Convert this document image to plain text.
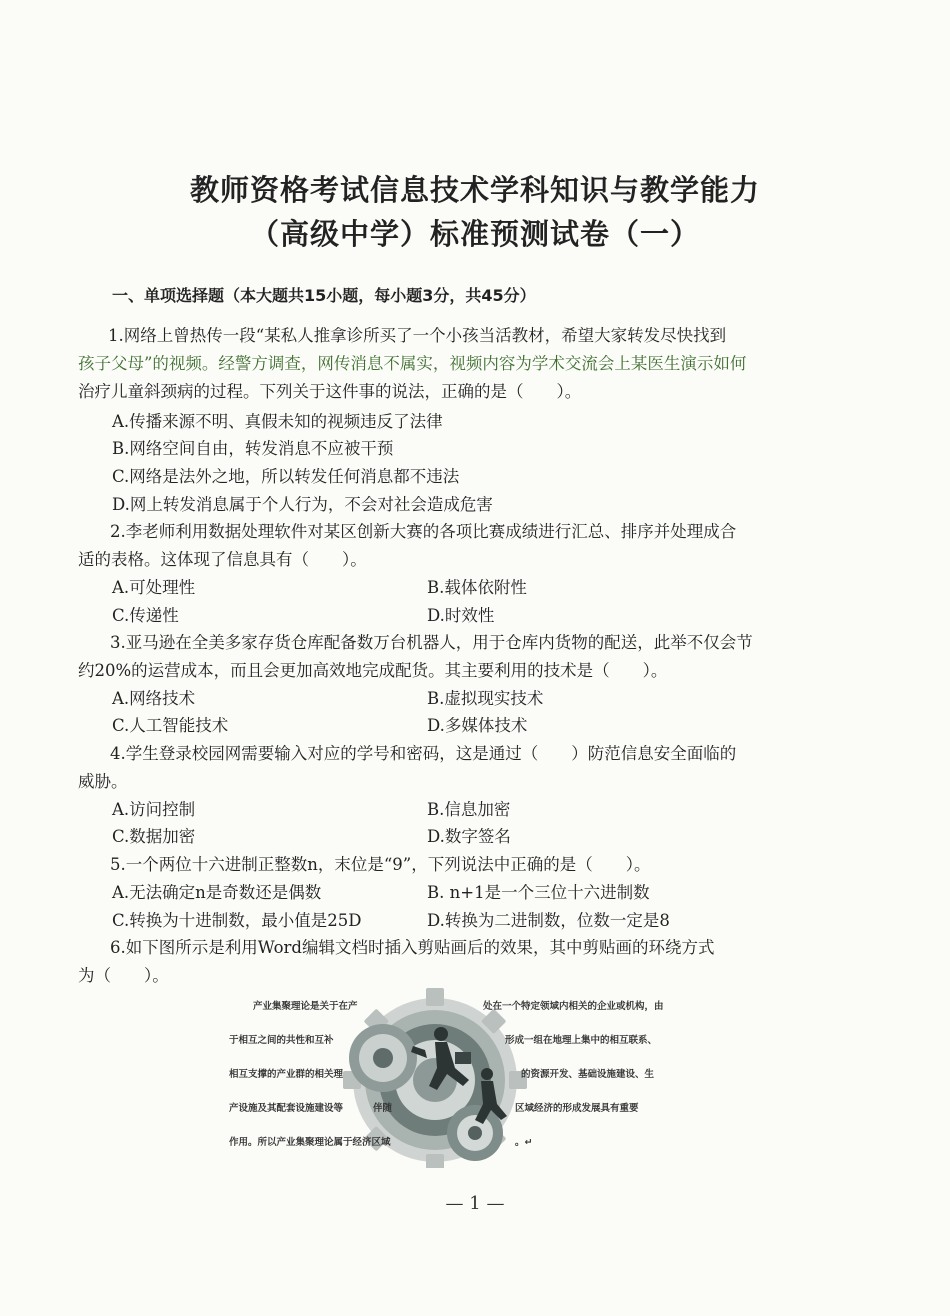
教师资格考试信息技术学科知识与教学能力
（高级中学）标准预测试卷（一）
一、单项选择题（本大题共15小题，每小题3分，共45分）
1.网络上曾热传一段“某私人推拿诊所买了一个小孩当活教材，希望大家转发尽快找到
孩子父母”的视频。经警方调查，网传消息不属实，视频内容为学术交流会上某医生演示如何
治疗儿童斜颈病的过程。下列关于这件事的说法，正确的是（　　）。
A.传播来源不明、真假未知的视频违反了法律
B.网络空间自由，转发消息不应被干预
C.网络是法外之地，所以转发任何消息都不违法
D.网上转发消息属于个人行为，不会对社会造成危害
2.李老师利用数据处理软件对某区创新大赛的各项比赛成绩进行汇总、排序并处理成合
适的表格。这体现了信息具有（　　）。
A.可处理性	B.载体依附性
C.传递性	D.时效性
3.亚马逊在全美多家存货仓库配备数万台机器人，用于仓库内货物的配送，此举不仅会节
约20%的运营成本，而且会更加高效地完成配货。其主要利用的技术是（　　）。
A.网络技术	B.虚拟现实技术
C.人工智能技术	D.多媒体技术
4.学生登录校园网需要输入对应的学号和密码，这是通过（　　）防范信息安全面临的
威胁。
A.访问控制	B.信息加密
C.数据加密	D.数字签名
5.一个两位十六进制正整数n，末位是“9”，下列说法中正确的是（　　）。
A.无法确定n是奇数还是偶数	B. n+1是一个三位十六进制数
C.转换为十进制数，最小值是25D	D.转换为二进制数，位数一定是8
6.如下图所示是利用Word编辑文档时插入剪贴画后的效果，其中剪贴画的环绕方式
为（　　）。
产业集聚理论是关于在产	处在一个特定领域内相关的企业或机构，由
于相互之间的共性和互补	形成一组在地理上集中的相互联系、
相互支撑的产业群的相关理	的资源开发、基础设施建设、生
产设施及其配套设施建设等	伴随	区域经济的形成发展具有重要
作用。所以产业集聚理论属于经济区域	。↵
— 1 —
